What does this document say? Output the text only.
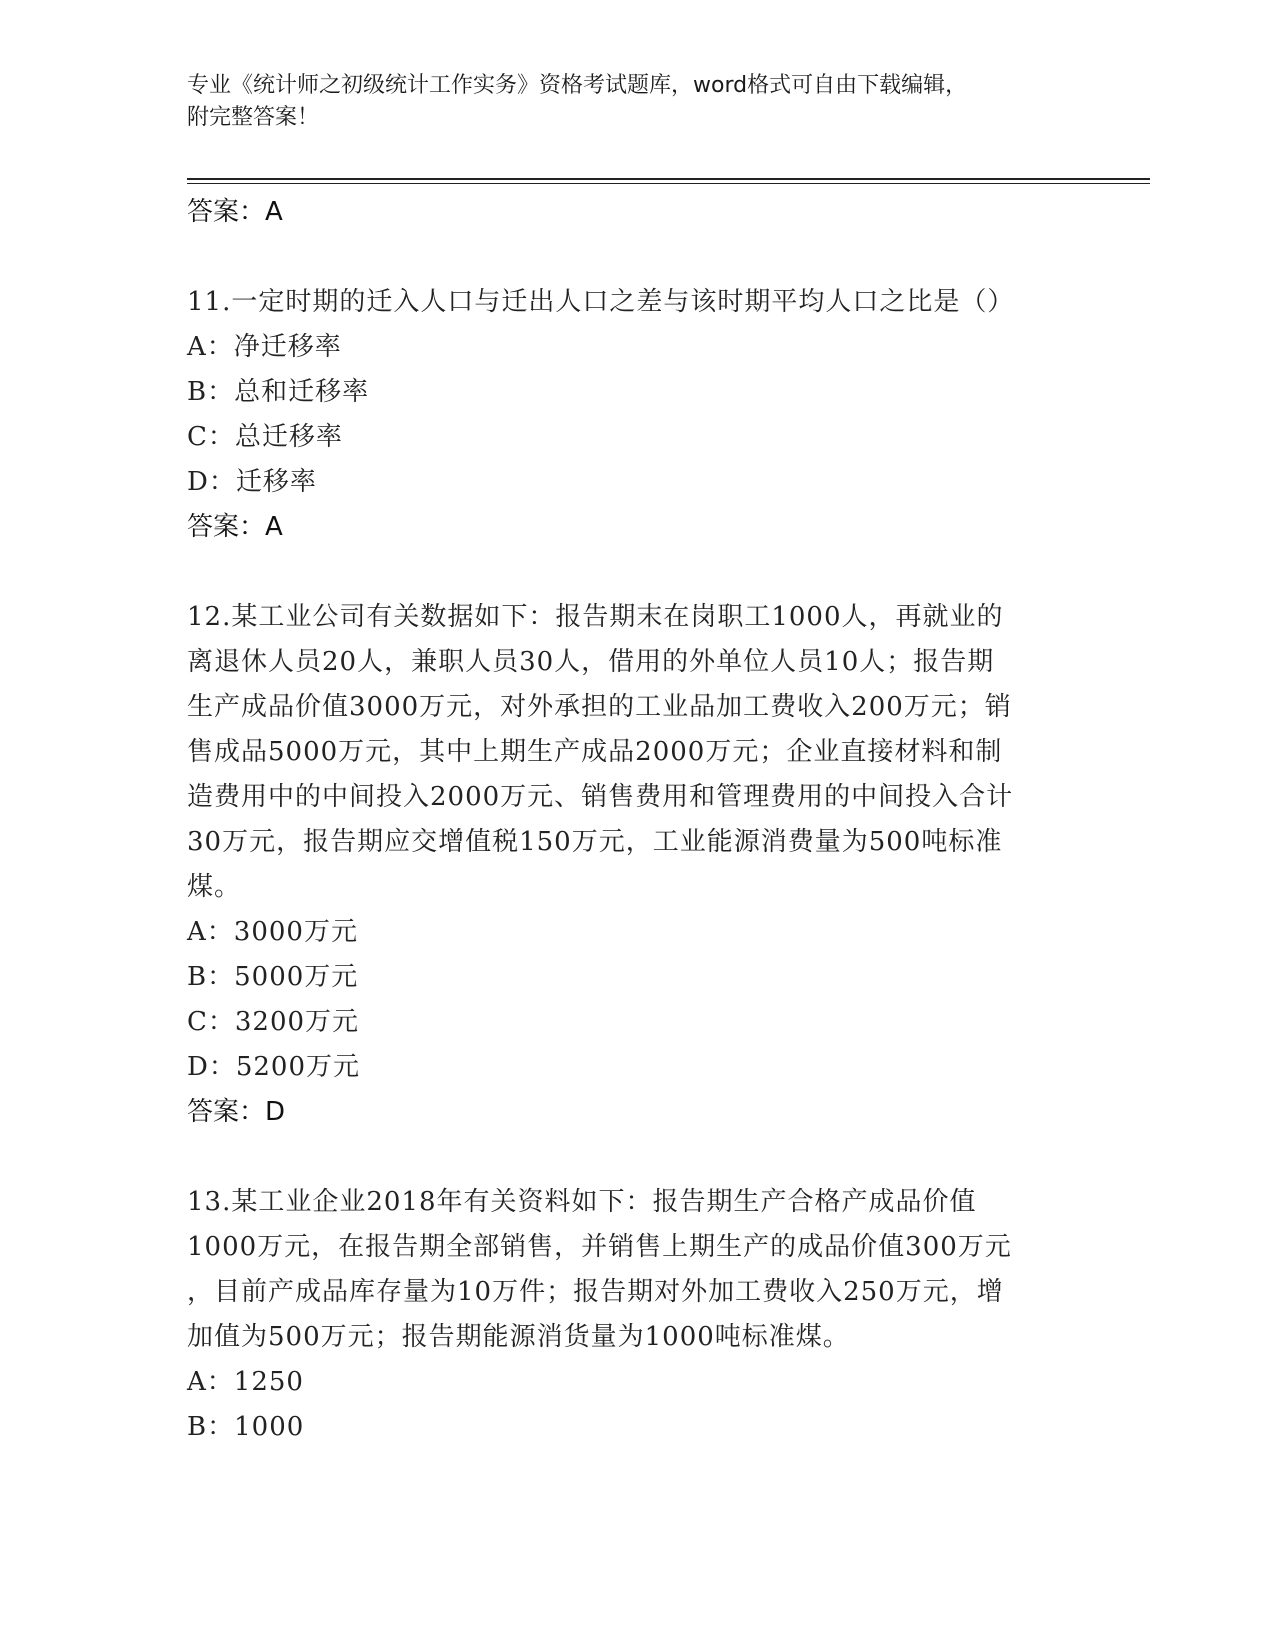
专业《统计师之初级统计工作实务》资格考试题库，word格式可自由下载编辑，
附完整答案！

答案：A

11.一定时期的迁入人口与迁出人口之差与该时期平均人口之比是（）

A：净迁移率

B：总和迁移率

C：总迁移率

D：迁移率

答案：A

12.某工业公司有关数据如下：报告期末在岗职工1000人，再就业的

离退休人员20人，兼职人员30人，借用的外单位人员10人；报告期

生产成品价值3000万元，对外承担的工业品加工费收入200万元；销

售成品5000万元，其中上期生产成品2000万元；企业直接材料和制

造费用中的中间投入2000万元、销售费用和管理费用的中间投入合计

30万元，报告期应交增值税150万元，工业能源消费量为500吨标准

煤。

A：3000万元

B：5000万元

C：3200万元

D：5200万元

答案：D

13.某工业企业2018年有关资料如下：报告期生产合格产成品价值

1000万元，在报告期全部销售，并销售上期生产的成品价值300万元

，目前产成品库存量为10万件；报告期对外加工费收入250万元，增

加值为500万元；报告期能源消货量为1000吨标准煤。

A：1250

B：1000
